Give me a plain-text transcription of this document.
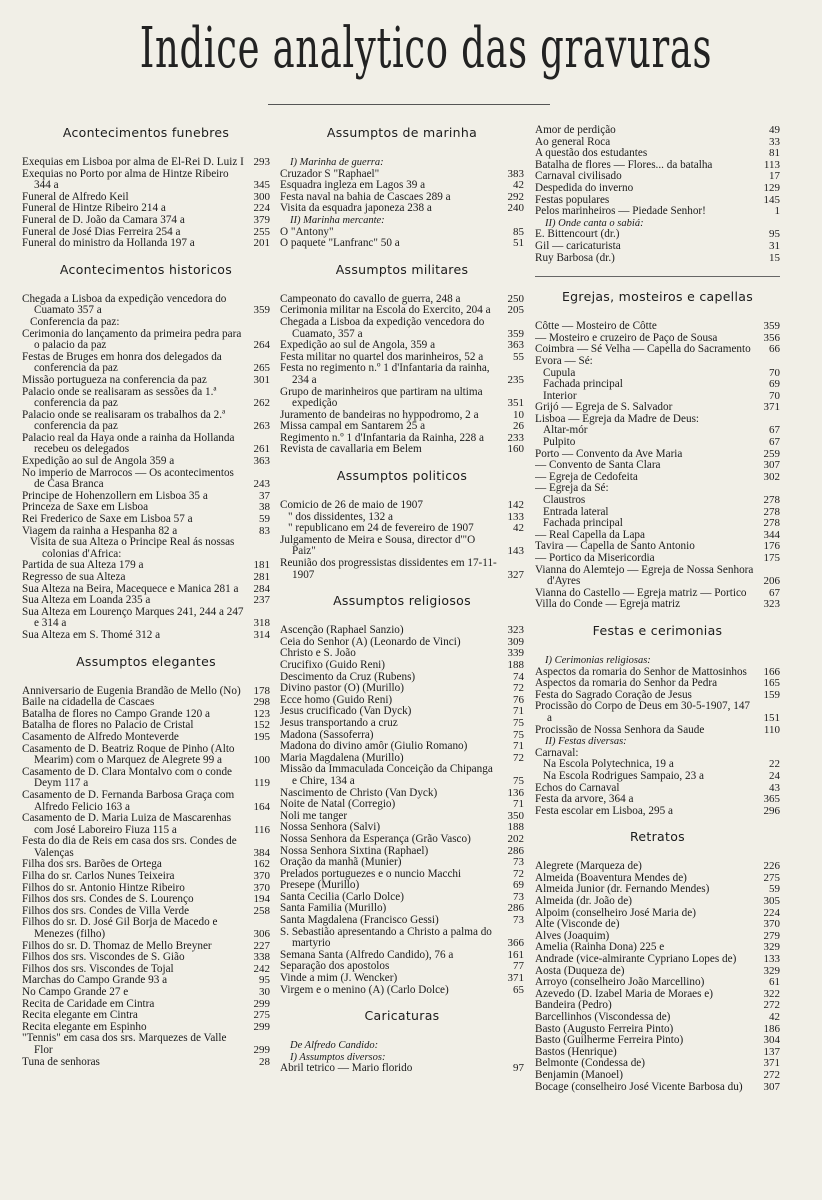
Indice analytico das gravuras
Acontecimentos funebres
Exequias em Lisboa por alma de El-Rei D. Luiz I 293
Exequias no Porto por alma de Hintze Ribeiro 344 a	345
Funeral de Alfredo Keil	300
Funeral de Hintze Ribeiro 214 a	224
Funeral de D. João da Camara 374 a	379
Funeral de José Dias Ferreira 254 a	255
Funeral do ministro da Hollanda 197 a	201
Acontecimentos historicos
Chegada a Lisboa da expedição vencedora do Cuamato 357 a	359
Conferencia da paz:
Cerimonia do lançamento da primeira pedra para o palacio da paz	264
Festas de Bruges em honra dos delegados da conferencia da paz	265
Missão portugueza na conferencia da paz	301
Palacio onde se realisaram as sessões da 1.ª conferencia da paz	262
Palacio onde se realisaram os trabalhos da 2.ª conferencia da paz	263
Palacio real da Haya onde a rainha da Hollanda recebeu os delegados	261
Expedição ao sul de Angola 359 a	363
No imperio de Marrocos — Os acontecimentos de Casa Branca	243
Principe de Hohenzollern em Lisboa 35 a	37
Princeza de Saxe em Lisboa	38
Rei Frederico de Saxe em Lisboa 57 a	59
Viagem da rainha a Hespanha 82 a	83
Visita de sua Alteza o Principe Real ás nossas colonias d'Africa:
Partida de sua Alteza 179 a	181
Regresso de sua Alteza	281
Sua Alteza na Beira, Macequece e Manica 281 a	284
Sua Alteza em Loanda 235 a	237
Sua Alteza em Lourenço Marques 241, 244 a 247 e 314 a	318
Sua Alteza em S. Thomé 312 a	314
Assumptos elegantes
Anniversario de Eugenia Brandão de Mello (No)	178
Baile na cidadella de Cascaes	298
Batalha de flores no Campo Grande 120 a	123
Batalha de flores no Palacio de Cristal	152
Casamento de Alfredo Monteverde	195
Casamento de D. Beatriz Roque de Pinho (Alto Mearim) com o Marquez de Alegrete 99 a	100
Casamento de D. Clara Montalvo com o conde Deym 117 a	119
Casamento de D. Fernanda Barbosa Graça com Alfredo Felicio 163 a	164
Casamento de D. Maria Luiza de Mascarenhas com José Laboreiro Fiuza 115 a	116
Festa do dia de Reis em casa dos srs. Condes de Valenças	384
Filha dos srs. Barões de Ortega	162
Filha do sr. Carlos Nunes Teixeira	370
Filhos do sr. Antonio Hintze Ribeiro	370
Filhos dos srs. Condes de S. Lourenço	194
Filhos dos srs. Condes de Villa Verde	258
Filhos do sr. D. José Gil Borja de Macedo e Menezes (filho)	306
Filhos do sr. D. Thomaz de Mello Breyner	227
Filhos dos srs. Viscondes de S. Gião	338
Filhos dos srs. Viscondes de Tojal	242
Marchas do Campo Grande 93 a	95
No Campo Grande 27 e	30
Recita de Caridade em Cintra	299
Recita elegante em Cintra	275
Recita elegante em Espinho	299
"Tennis" em casa dos srs. Marquezes de Valle Flor	299
Tuna de senhoras	28
Assumptos de marinha
I) Marinha de guerra:
Cruzador S "Raphael"	383
Esquadra ingleza em Lagos 39 a	42
Festa naval na bahia de Cascaes 289 a	292
Visita da esquadra japoneza 238 a	240
II) Marinha mercante:
O "Antony"	85
O paquete "Lanfranc" 50 a	51
Assumptos militares
Campeonato do cavallo de guerra, 248 a	250
Cerimonia militar na Escola do Exercito, 204 a	205
Chegada a Lisboa da expedição vencedora do Cuamato, 357 a	359
Expedição ao sul de Angola, 359 a	363
Festa militar no quartel dos marinheiros, 52 a	55
Festa no regimento n.º 1 d'Infantaria da rainha, 234 a	235
Grupo de marinheiros que partiram na ultima expedição	351
Juramento de bandeiras no hyppodromo, 2 a	10
Missa campal em Santarem 25 a	26
Regimento n.º 1 d'Infantaria da Rainha, 228 a	233
Revista de cavallaria em Belem	160
Assumptos politicos
Comicio de 26 de maio de 1907	142
" dos dissidentes, 132 a	133
" republicano em 24 de fevereiro de 1907	42
Julgamento de Meira e Sousa, director d'"O Paiz"	143
Reunião dos progressistas dissidentes em 17-11-1907	327
Assumptos religiosos
Ascenção (Raphael Sanzio)	323
Ceia do Senhor (A) (Leonardo de Vinci)	309
Christo e S. João	339
Crucifixo (Guido Reni)	188
Descimento da Cruz (Rubens)	74
Divino pastor (O) (Murillo)	72
Ecce homo (Guido Reni)	76
Jesus crucificado (Van Dyck)	71
Jesus transportando a cruz	75
Madona (Sassoferra)	75
Madona do divino amôr (Giulio Romano)	71
Maria Magdalena (Murillo)	72
Missão da Immaculada Conceição da Chipanga e Chire, 134 a	75
Nascimento de Christo (Van Dyck)	136
Noite de Natal (Corregio)	71
Noli me tanger	350
Nossa Senhora (Salvi)	188
Nossa Senhora da Esperança (Grão Vasco)	202
Nossa Senhora Sixtina (Raphael)	286
Oração da manhã (Munier)	73
Prelados portuguezes e o nuncio Macchi	72
Presepe (Murillo)	69
Santa Cecilia (Carlo Dolce)	73
Santa Familia (Murillo)	286
Santa Magdalena (Francisco Gessi)	73
S. Sebastião apresentando a Christo a palma do martyrio	366
Semana Santa (Alfredo Candido), 76 a	161
Separação dos apostolos	77
Vinde a mim (J. Wencker)	371
Virgem e o menino (A) (Carlo Dolce)	65
Caricaturas
De Alfredo Candido:
I) Assumptos diversos:
Abril tetrico — Mario florido	97
Amor de perdição	49
Ao general Roca	33
A questão dos estudantes	81
Batalha de flores — Flores... da batalha	113
Carnaval civilisado	17
Despedida do inverno	129
Festas populares	145
Pelos marinheiros — Piedade Senhor!	1
II) Onde canta o sabiá:
E. Bittencourt (dr.)	95
Gil — caricaturista	31
Ruy Barbosa (dr.)	15
Egrejas, mosteiros e capellas
Côtte — Mosteiro de Côtte	359
— Mosteiro e cruzeiro de Paço de Sousa	356
Coimbra — Sé Velha — Capella do Sacramento	66
Evora — Sé:
Cupula	70
Fachada principal	69
Interior	70
Grijó — Egreja de S. Salvador	371
Lisboa — Egreja da Madre de Deus:
Altar-mór	67
Pulpito	67
Porto — Convento da Ave Maria	259
— Convento de Santa Clara	307
— Egreja de Cedofeita	302
— Egreja da Sé:
Claustros	278
Entrada lateral	278
Fachada principal	278
— Real Capella da Lapa	344
Tavira — Capella de Santo Antonio	176
— Portico da Misericordia	175
Vianna do Alemtejo — Egreja de Nossa Senhora d'Ayres	206
Vianna do Castello — Egreja matriz — Portico	67
Villa do Conde — Egreja matriz	323
Festas e cerimonias
I) Cerimonias religiosas:
Aspectos da romaria do Senhor de Mattosinhos	166
Aspectos da romaria do Senhor da Pedra	165
Festa do Sagrado Coração de Jesus	159
Procissão do Corpo de Deus em 30-5-1907, 147 a	151
Procissão de Nossa Senhora da Saude	110
II) Festas diversas:
Carnaval:
Na Escola Polytechnica, 19 a	22
Na Escola Rodrigues Sampaio, 23 a	24
Echos do Carnaval	43
Festa da arvore, 364 a	365
Festa escolar em Lisboa, 295 a	296
Retratos
Alegrete (Marqueza de)	226
Almeida (Boaventura Mendes de)	275
Almeida Junior (dr. Fernando Mendes)	59
Almeida (dr. João de)	305
Alpoim (conselheiro José Maria de)	224
Alte (Visconde de)	370
Alves (Joaquim)	279
Amelia (Rainha Dona) 225 e	329
Andrade (vice-almirante Cypriano Lopes de)	133
Aosta (Duqueza de)	329
Arroyo (conselheiro João Marcellino)	61
Azevedo (D. Izabel Maria de Moraes e)	322
Bandeira (Pedro)	272
Barcellinhos (Viscondessa de)	42
Basto (Augusto Ferreira Pinto)	186
Basto (Guilherme Ferreira Pinto)	304
Bastos (Henrique)	137
Belmonte (Condessa de)	371
Benjamin (Manoel)	272
Bocage (conselheiro José Vicente Barbosa du)	307
